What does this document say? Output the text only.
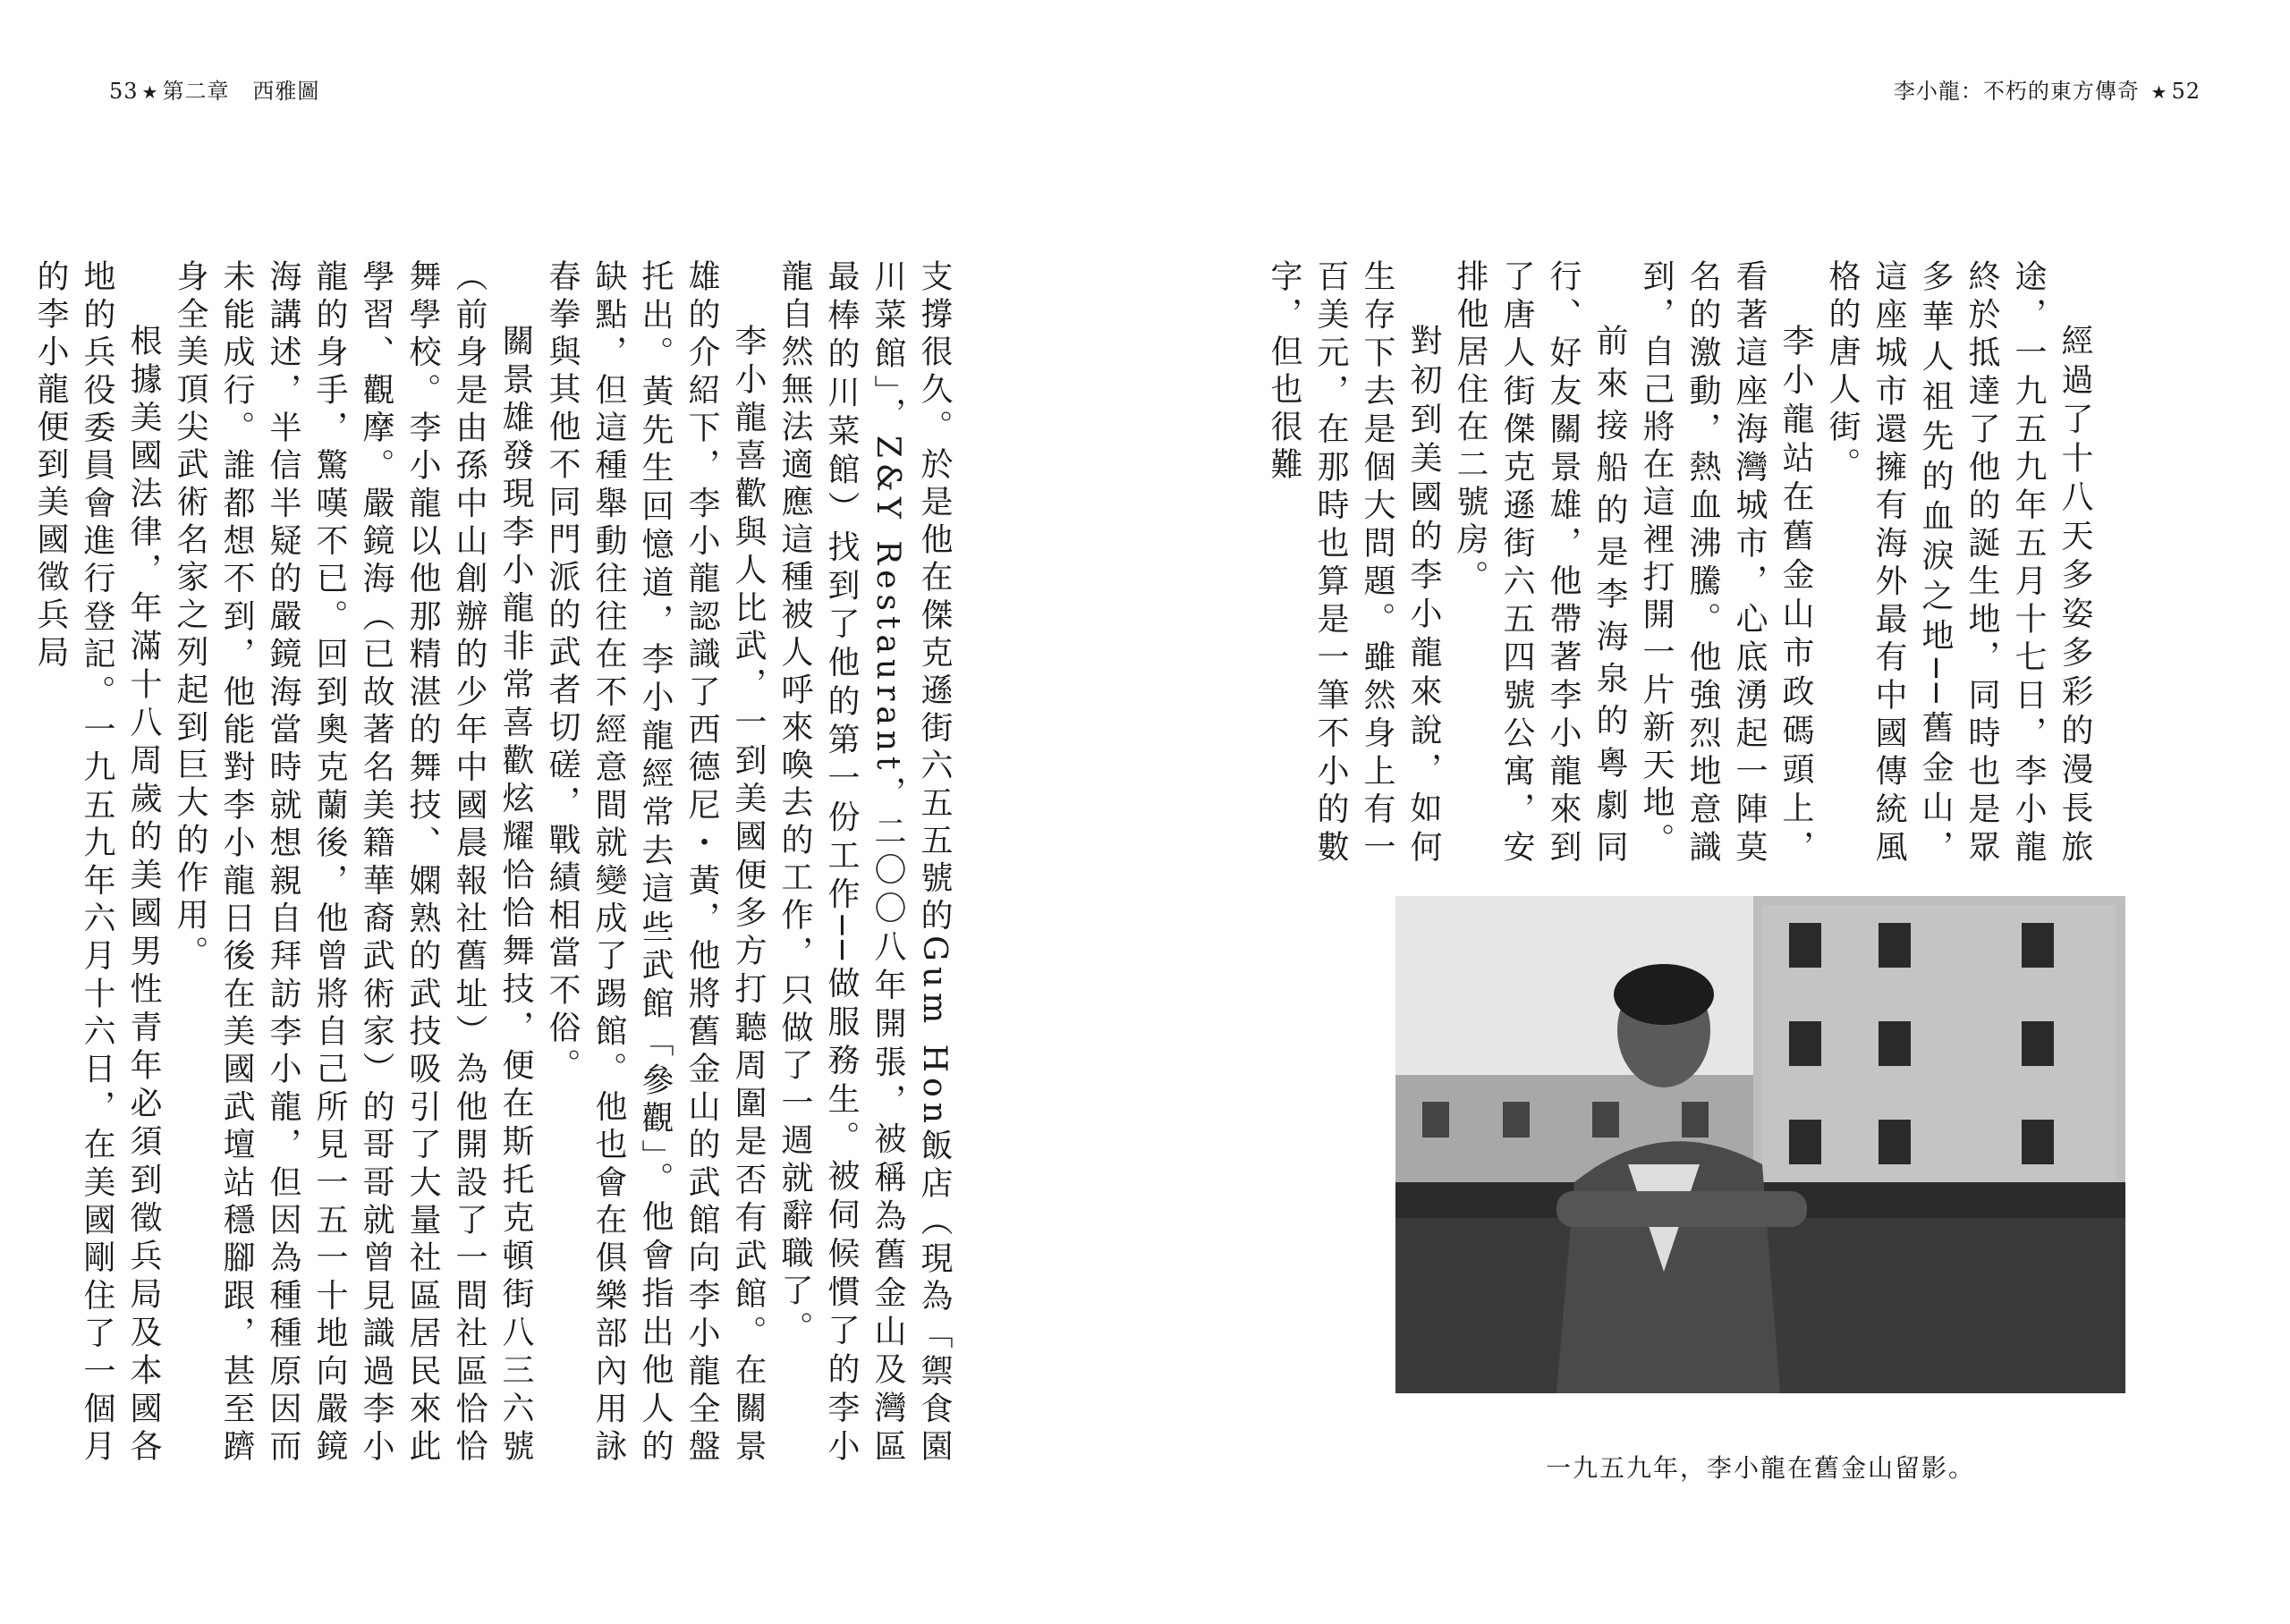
53 ★ 第二章 西雅圖	李小龍：不朽的東方傳奇 ★ 52

經過了十八天多姿多彩的漫長旅途，一九五九年五月十七日，李小龍終於抵達了他的誕生地，同時也是眾多華人祖先的血淚之地──舊金山，這座城市還擁有海外最有中國傳統風格的唐人街。

李小龍站在舊金山市政碼頭上，看著這座海灣城市，心底湧起一陣莫名的激動，熱血沸騰。他強烈地意識到，自己將在這裡打開一片新天地。

前來接船的是李海泉的粵劇同行、好友關景雄，他帶著李小龍來到了唐人街傑克遜街六五四號公寓，安排他居住在二號房。

對初到美國的李小龍來說，如何生存下去是個大問題。雖然身上有一百美元，在那時也算是一筆不小的數字，但也很難

一九五九年，李小龍在舊金山留影。

支撐很久。於是他在傑克遜街六五五號的Gum Hon飯店（現為「禦食園川菜館」，Z&Y Restaurant，二〇〇八年開張，被稱為舊金山及灣區最棒的川菜館）找到了他的第一份工作──做服務生。被伺候慣了的李小龍自然無法適應這種被人呼來喚去的工作，只做了一週就辭職了。

李小龍喜歡與人比武，一到美國便多方打聽周圍是否有武館。在關景雄的介紹下，李小龍認識了西德尼・黃，他將舊金山的武館向李小龍全盤托出。黃先生回憶道，李小龍經常去這些武館「參觀」。他會指出他人的缺點，但這種舉動往往在不經意間就變成了踢館。他也會在俱樂部內用詠春拳與其他不同門派的武者切磋，戰績相當不俗。

關景雄發現李小龍非常喜歡炫耀恰恰舞技，便在斯托克頓街八三六號（前身是由孫中山創辦的少年中國晨報社舊址）為他開設了一間社區恰恰舞學校。李小龍以他那精湛的舞技、嫻熟的武技吸引了大量社區居民來此學習、觀摩。嚴鏡海（已故著名美籍華裔武術家）的哥哥就曾見識過李小龍的身手，驚嘆不已。回到奧克蘭後，他曾將自己所見一五一十地向嚴鏡海講述，半信半疑的嚴鏡海當時就想親自拜訪李小龍，但因為種種原因而未能成行。誰都想不到，他能對李小龍日後在美國武壇站穩腳跟，甚至躋身全美頂尖武術名家之列起到巨大的作用。

根據美國法律，年滿十八周歲的美國男性青年必須到徵兵局及本國各地的兵役委員會進行登記。一九五九年六月十六日，在美國剛住了一個月的李小龍便到美國徵兵局
